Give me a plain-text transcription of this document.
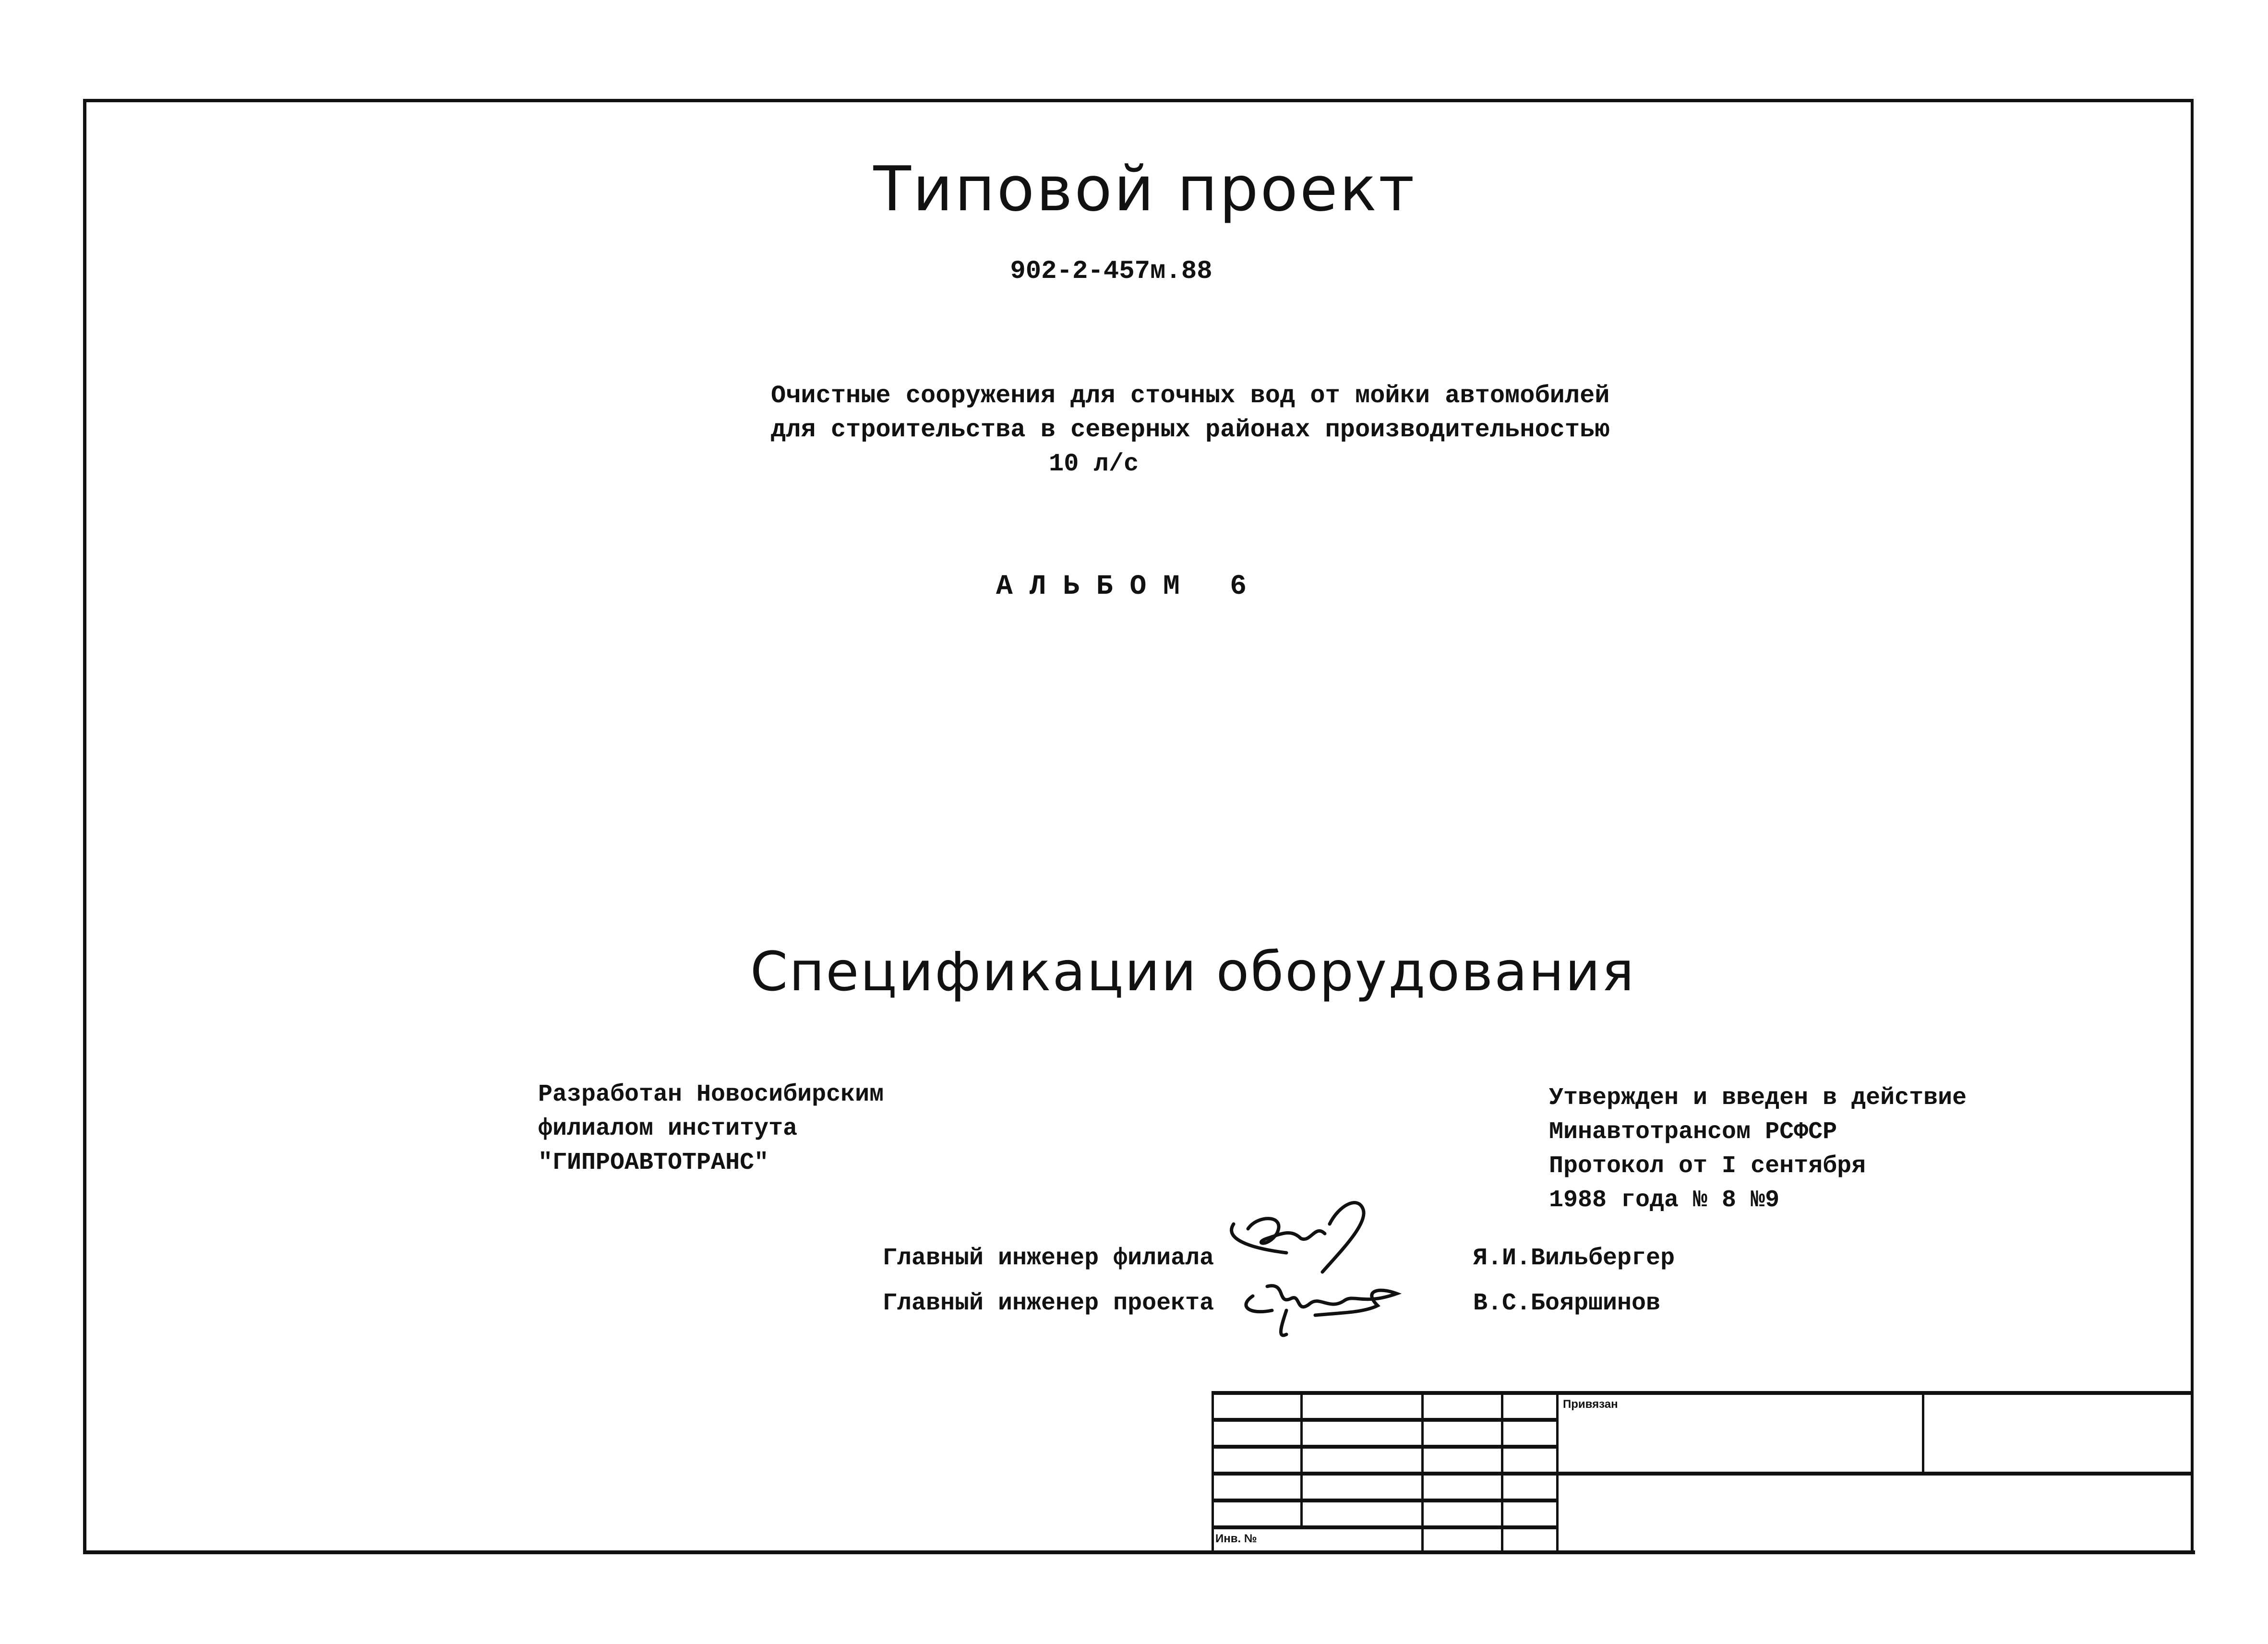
Типовой проект
902-2-457м.88
Очистные сооружения для сточных вод от мойки автомобилей
для строительства в северных районах производительностью
10 л/с
А Л Ь Б О М   6
Спецификации оборудования
Разработан Новосибирским
филиалом института
"ГИПРОАВТОТРАНС"
Утвержден и введен в действие
Минавтотрансом РСФСР
Протокол от I сентября
1988 года № 8 №9
Главный инженер филиала
Главный инженер проекта
Я.И.Вильбергер
В.С.Бояршинов
Привязан
Инв. №
